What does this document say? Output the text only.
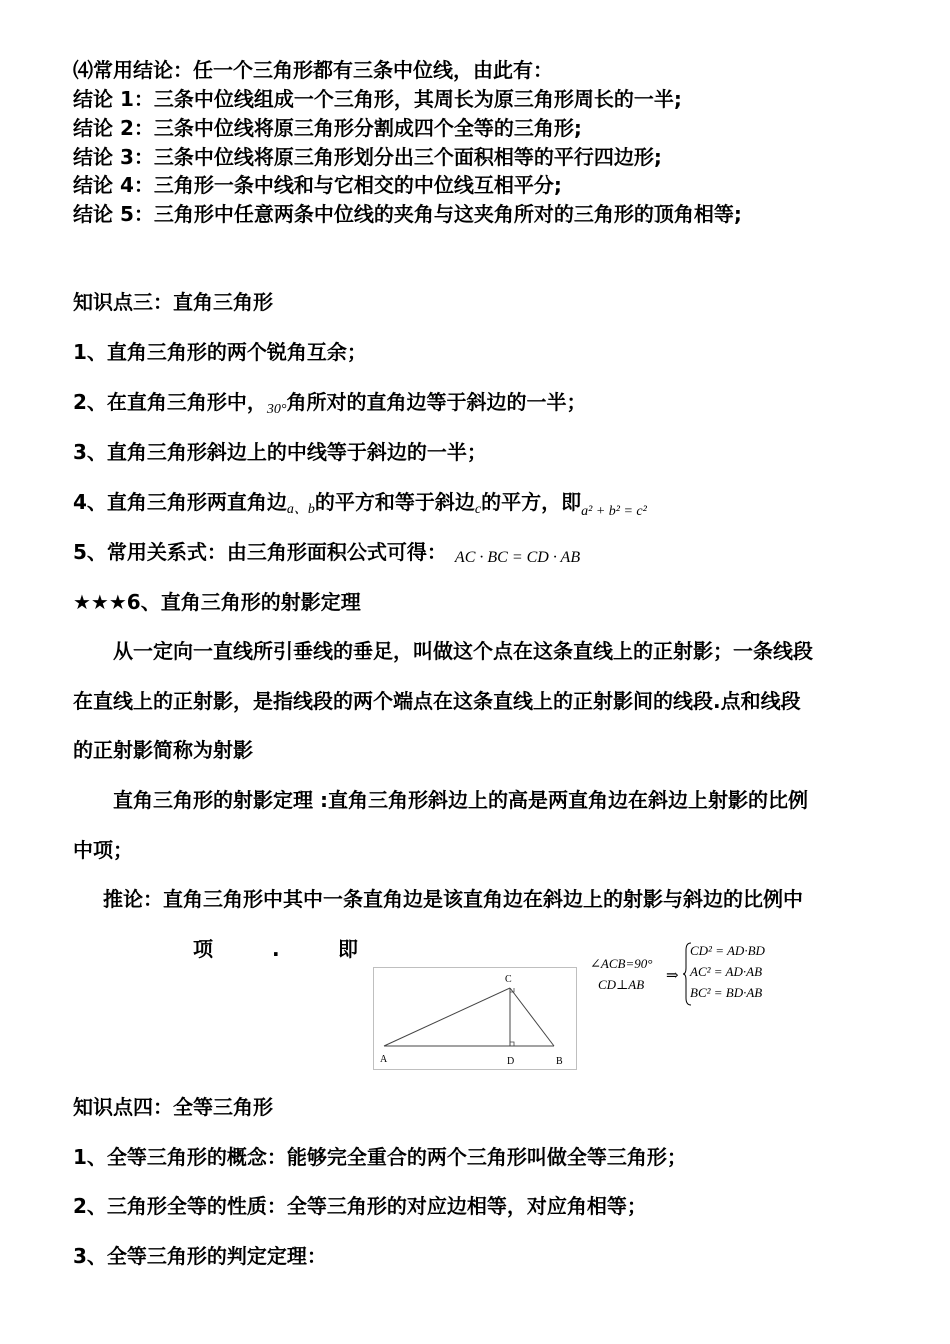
⑷常用结论：任一个三角形都有三条中位线，由此有：
结论 1：三条中位线组成一个三角形，其周长为原三角形周长的一半;
结论 2：三条中位线将原三角形分割成四个全等的三角形;
结论 3：三条中位线将原三角形划分出三个面积相等的平行四边形;
结论 4：三角形一条中线和与它相交的中位线互相平分;
结论 5：三角形中任意两条中位线的夹角与这夹角所对的三角形的顶角相等;
知识点三：直角三角形
1、直角三角形的两个锐角互余；
2、在直角三角形中，$_{30^\circ}$角所对的直角边等于斜边的一半；
3、直角三角形斜边上的中线等于斜边的一半；
4、直角三角形两直角边$_{a、b}$的平方和等于斜边$_c$的平方，即$_{a^2 + b^2 = c^2}$
5、常用关系式：由三角形面积公式可得： AC · BC = CD · AB
★★★6、直角三角形的射影定理
从一定向一直线所引垂线的垂足，叫做这个点在这条直线上的正射影；一条线段
在直线上的正射影，是指线段的两个端点在这条直线上的正射影间的线段.点和线段
的正射影简称为射影
直角三角形的射影定理 :直角三角形斜边上的高是两直角边在斜边上射影的比例
中项；
推论：直角三角形中其中一条直角边是该直角边在斜边上的射影与斜边的比例中
项	.	即
A
C
D	B
∠ACB=90°
CD⊥AB
⇒
CD² = AD·BD
AC² = AD·AB
BC² = BD·AB
知识点四：全等三角形
1、全等三角形的概念：能够完全重合的两个三角形叫做全等三角形；
2、三角形全等的性质：全等三角形的对应边相等，对应角相等；
3、全等三角形的判定定理：
